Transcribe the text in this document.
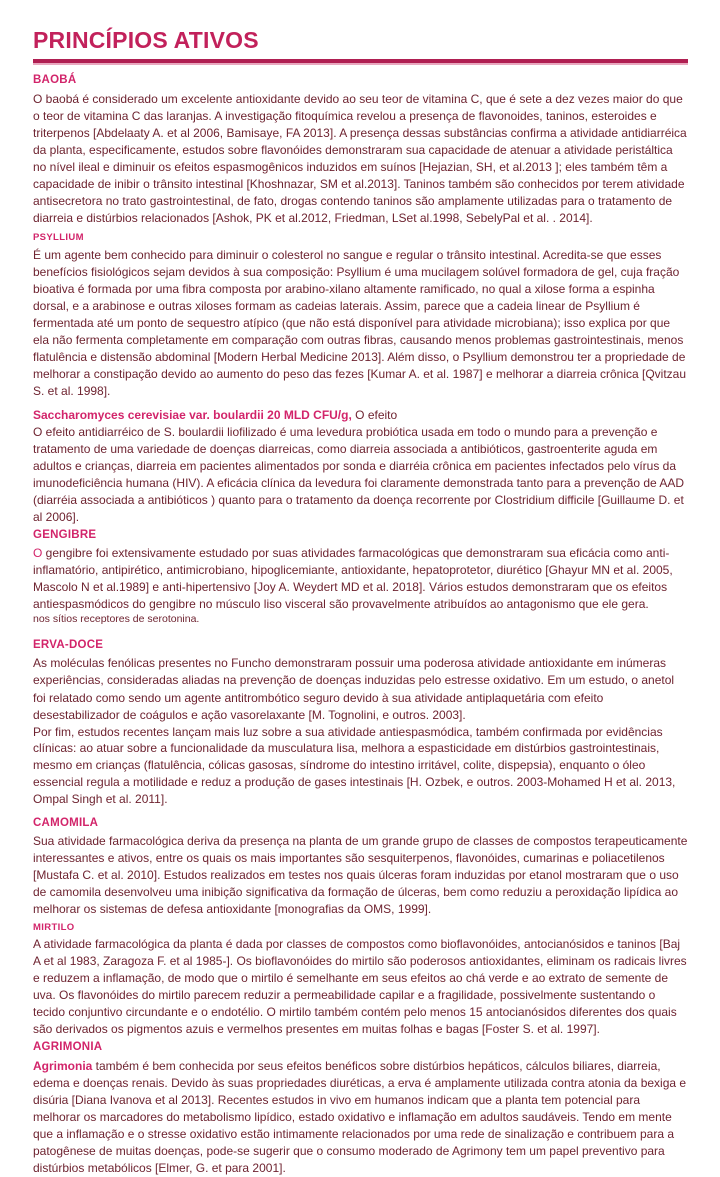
PRINCÍPIOS ATIVOS
BAOBÁ

O baobá é considerado um excelente antioxidante devido ao seu teor de vitamina C, que é sete a dez vezes maior do que o teor de vitamina C das laranjas. A investigação fitoquímica revelou a presença de flavonoides, taninos, esteroides e triterpenos [Abdelaaty A. et al 2006, Bamisaye, FA 2013]. A presença dessas substâncias confirma a atividade antidiarréica da planta, especificamente, estudos sobre flavonóides demonstraram sua capacidade de atenuar a atividade peristáltica no nível ileal e diminuir os efeitos espasmogênicos induzidos em suínos [Hejazian, SH, et al.2013 ]; eles também têm a capacidade de inibir o trânsito intestinal [Khoshnazar, SM et al.2013]. Taninos também são conhecidos por terem atividade antisecretora no trato gastrointestinal, de fato, drogas contendo taninos são amplamente utilizadas para o tratamento de diarreia e distúrbios relacionados [Ashok, PK et al.2012, Friedman, LSet al.1998, SebelyPal et al. . 2014].

PSYLLIUM

É um agente bem conhecido para diminuir o colesterol no sangue e regular o trânsito intestinal. Acredita-se que esses benefícios fisiológicos sejam devidos à sua composição: Psyllium é uma mucilagem solúvel formadora de gel, cuja fração bioativa é formada por uma fibra composta por arabino-xilano altamente ramificado, no qual a xilose forma a espinha dorsal, e a arabinose e outras xiloses formam as cadeias laterais. Assim, parece que a cadeia linear de Psyllium é fermentada até um ponto de sequestro atípico (que não está disponível para atividade microbiana); isso explica por que ela não fermenta completamente em comparação com outras fibras, causando menos problemas gastrointestinais, menos flatulência e distensão abdominal [Modern Herbal Medicine 2013]. Além disso, o Psyllium demonstrou ter a propriedade de melhorar a constipação devido ao aumento do peso das fezes [Kumar A. et al. 1987] e melhorar a diarreia crônica [Qvitzau S. et al. 1998].

Saccharomyces cerevisiae var. boulardii 20 MLD CFU/g, O efeito

O efeito antidiarréico de S. boulardii liofilizado é uma levedura probiótica usada em todo o mundo para a prevenção e tratamento de uma variedade de doenças diarreicas, como diarreia associada a antibióticos, gastroenterite aguda em adultos e crianças, diarreia em pacientes alimentados por sonda e diarréia crônica em pacientes infectados pelo vírus da imunodeficiência humana (HIV). A eficácia clínica da levedura foi claramente demonstrada tanto para a prevenção de AAD (diarréia associada a antibióticos ) quanto para o tratamento da doença recorrente por Clostridium difficile [Guillaume D. et al 2006].

GENGIBRE

O gengibre foi extensivamente estudado por suas atividades farmacológicas que demonstraram sua eficácia como anti-inflamatório, antipirético, antimicrobiano, hipoglicemiante, antioxidante, hepatoprotetor, diurético [Ghayur MN et al. 2005, Mascolo N et al.1989] e anti-hipertensivo [Joy A. Weydert MD et al. 2018]. Vários estudos demonstraram que os efeitos antiespasmódicos do gengibre no músculo liso visceral são provavelmente atribuídos ao antagonismo que ele gera.

nos sítios receptores de serotonina.

ERVA-DOCE

As moléculas fenólicas presentes no Funcho demonstraram possuir uma poderosa atividade antioxidante em inúmeras experiências, consideradas aliadas na prevenção de doenças induzidas pelo estresse oxidativo. Em um estudo, o anetol foi relatado como sendo um agente antitrombótico seguro devido à sua atividade antiplaquetária com efeito desestabilizador de coágulos e ação vasorelaxante [M. Tognolini, e outros. 2003].

Por fim, estudos recentes lançam mais luz sobre a sua atividade antiespasmódica, também confirmada por evidências clínicas: ao atuar sobre a funcionalidade da musculatura lisa, melhora a espasticidade em distúrbios gastrointestinais, mesmo em crianças (flatulência, cólicas gasosas, síndrome do intestino irritável, colite, dispepsia), enquanto o óleo essencial regula a motilidade e reduz a produção de gases intestinais [H. Ozbek, e outros. 2003-Mohamed H et al. 2013, Ompal Singh et al. 2011].

CAMOMILA

Sua atividade farmacológica deriva da presença na planta de um grande grupo de classes de compostos terapeuticamente interessantes e ativos, entre os quais os mais importantes são sesquiterpenos, flavonóides, cumarinas e poliacetilenos [Mustafa C. et al. 2010]. Estudos realizados em testes nos quais úlceras foram induzidas por etanol mostraram que o uso de camomila desenvolveu uma inibição significativa da formação de úlceras, bem como reduziu a peroxidação lipídica ao melhorar os sistemas de defesa antioxidante [monografias da OMS, 1999].

MIRTILO

A atividade farmacológica da planta é dada por classes de compostos como bioflavonóides, antocianósidos e taninos [Baj A et al 1983, Zaragoza F. et al 1985-]. Os bioflavonóides do mirtilo são poderosos antioxidantes, eliminam os radicais livres e reduzem a inflamação, de modo que o mirtilo é semelhante em seus efeitos ao chá verde e ao extrato de semente de uva. Os flavonóides do mirtilo parecem reduzir a permeabilidade capilar e a fragilidade, possivelmente sustentando o tecido conjuntivo circundante e o endotélio. O mirtilo também contém pelo menos 15 antocianósidos diferentes dos quais são derivados os pigmentos azuis e vermelhos presentes em muitas folhas e bagas [Foster S. et al. 1997].

AGRIMONIA

Agrimonia também é bem conhecida por seus efeitos benéficos sobre distúrbios hepáticos, cálculos biliares, diarreia, edema e doenças renais. Devido às suas propriedades diuréticas, a erva é amplamente utilizada contra atonia da bexiga e disúria [Diana Ivanova et al 2013]. Recentes estudos in vivo em humanos indicam que a planta tem potencial para melhorar os marcadores do metabolismo lipídico, estado oxidativo e inflamação em adultos saudáveis. Tendo em mente que a inflamação e o stresse oxidativo estão intimamente relacionados por uma rede de sinalização e contribuem para a patogênese de muitas doenças, pode-se sugerir que o consumo moderado de Agrimony tem um papel preventivo para distúrbios metabólicos [Elmer, G. et para 2001].
